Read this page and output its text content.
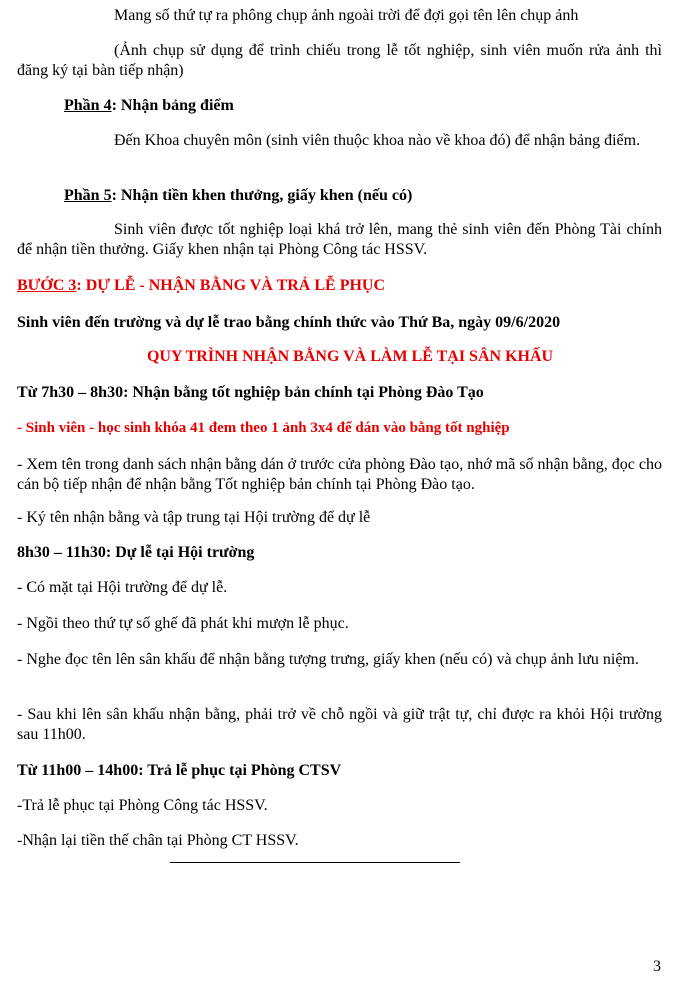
Mang số thứ tự ra phông chụp ảnh ngoài trời để đợi gọi tên lên chụp ảnh
(Ảnh chụp sử dụng để trình chiếu trong lễ tốt nghiệp, sinh viên muốn rửa ảnh thì đăng ký tại bàn tiếp nhận)
Phần 4: Nhận bảng điểm
Đến Khoa chuyên môn (sinh viên thuộc khoa nào về khoa đó) để nhận bảng điểm.
Phần 5: Nhận tiền khen thưởng, giấy khen (nếu có)
Sinh viên được tốt nghiệp loại khá trở lên, mang thẻ sinh viên đến Phòng Tài chính để nhận tiền thưởng. Giấy khen nhận tại Phòng Công tác HSSV.
BƯỚC 3: DỰ LỄ - NHẬN BẰNG VÀ TRẢ LỄ PHỤC
Sinh viên đến trường và dự lễ trao bằng chính thức vào Thứ Ba, ngày 09/6/2020
QUY TRÌNH NHẬN BẰNG VÀ LÀM LỄ TẠI SÂN KHẤU
Từ 7h30 – 8h30: Nhận bằng tốt nghiệp bản chính tại Phòng Đào Tạo
- Sinh viên - học sinh khóa 41 đem theo 1 ảnh 3x4 để dán vào bằng tốt nghiệp
- Xem tên trong danh sách nhận bằng dán ở trước cửa phòng Đào tạo, nhớ mã số nhận bằng, đọc cho cán bộ tiếp nhận để nhận bằng Tốt nghiệp bản chính tại Phòng Đào tạo.
- Ký tên nhận bằng và tập trung tại Hội trường để dự lễ
8h30 – 11h30: Dự lễ tại Hội trường
- Có mặt tại Hội trường để dự lễ.
- Ngồi theo thứ tự số ghế đã phát khi mượn lễ phục.
- Nghe đọc tên lên sân khấu để nhận bằng tượng trưng, giấy khen (nếu có) và chụp ảnh lưu niệm.
- Sau khi lên sân khấu nhận bằng, phải trở về chỗ ngồi và giữ trật tự, chỉ được ra khỏi Hội trường sau 11h00.
Từ 11h00 – 14h00: Trả lễ phục tại Phòng CTSV
-Trả lễ phục tại Phòng Công tác HSSV.
-Nhận lại tiền thế chân tại Phòng CT HSSV.
3
